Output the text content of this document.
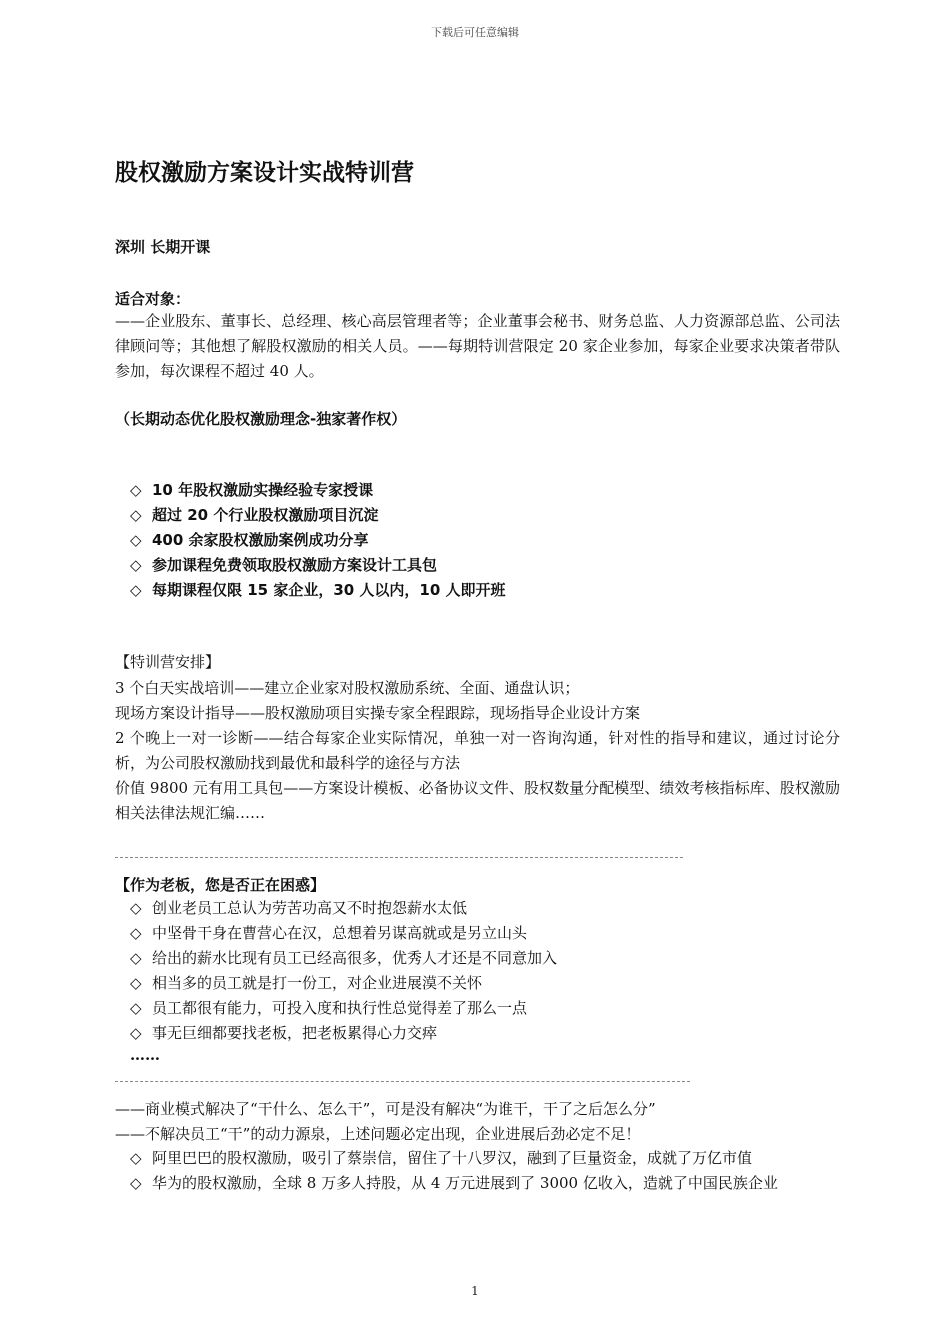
下载后可任意编辑
股权激励方案设计实战特训营
深圳 长期开课
适合对象：
——企业股东、董事长、总经理、核心高层管理者等；企业董事会秘书、财务总监、人力资源部总监、公司法律顾问等；其他想了解股权激励的相关人员。——每期特训营限定 20 家企业参加，每家企业要求决策者带队参加，每次课程不超过 40 人。
（长期动态优化股权激励理念-独家著作权）
◇ 10 年股权激励实操经验专家授课
◇ 超过 20 个行业股权激励项目沉淀
◇ 400 余家股权激励案例成功分享
◇ 参加课程免费领取股权激励方案设计工具包
◇ 每期课程仅限 15 家企业，30 人以内，10 人即开班
【特训营安排】
3 个白天实战培训——建立企业家对股权激励系统、全面、通盘认识；
现场方案设计指导——股权激励项目实操专家全程跟踪，现场指导企业设计方案
2 个晚上一对一诊断——结合每家企业实际情况，单独一对一咨询沟通，针对性的指导和建议，通过讨论分析，为公司股权激励找到最优和最科学的途径与方法
价值 9800 元有用工具包——方案设计模板、必备协议文件、股权数量分配模型、绩效考核指标库、股权激励相关法律法规汇编……
【作为老板，您是否正在困惑】
◇ 创业老员工总认为劳苦功高又不时抱怨薪水太低
◇ 中坚骨干身在曹营心在汉，总想着另谋高就或是另立山头
◇ 给出的薪水比现有员工已经高很多，优秀人才还是不同意加入
◇ 相当多的员工就是打一份工，对企业进展漠不关怀
◇ 员工都很有能力，可投入度和执行性总觉得差了那么一点
◇ 事无巨细都要找老板，把老板累得心力交瘁
……
——商业模式解决了“干什么、怎么干”，可是没有解决“为谁干，干了之后怎么分”
——不解决员工“干”的动力源泉，上述问题必定出现，企业进展后劲必定不足！
◇ 阿里巴巴的股权激励，吸引了蔡崇信，留住了十八罗汉，融到了巨量资金，成就了万亿市值
◇ 华为的股权激励，全球 8 万多人持股，从 4 万元进展到了 3000 亿收入，造就了中国民族企业
1
